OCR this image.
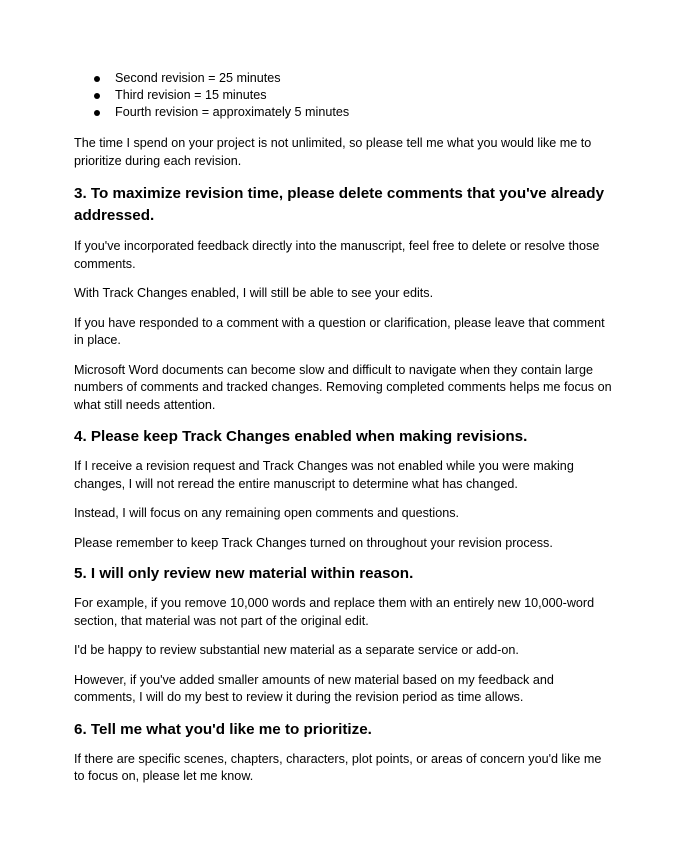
Second revision = 25 minutes
Third revision = 15 minutes
Fourth revision = approximately 5 minutes

The time I spend on your project is not unlimited, so please tell me what you would like me to prioritize during each revision.

3. To maximize revision time, please delete comments that you've already addressed.

If you've incorporated feedback directly into the manuscript, feel free to delete or resolve those comments.

With Track Changes enabled, I will still be able to see your edits.

If you have responded to a comment with a question or clarification, please leave that comment in place.

Microsoft Word documents can become slow and difficult to navigate when they contain large numbers of comments and tracked changes. Removing completed comments helps me focus on what still needs attention.

4. Please keep Track Changes enabled when making revisions.

If I receive a revision request and Track Changes was not enabled while you were making changes, I will not reread the entire manuscript to determine what has changed.

Instead, I will focus on any remaining open comments and questions.

Please remember to keep Track Changes turned on throughout your revision process.

5. I will only review new material within reason.

For example, if you remove 10,000 words and replace them with an entirely new 10,000-word section, that material was not part of the original edit.

I'd be happy to review substantial new material as a separate service or add-on.

However, if you've added smaller amounts of new material based on my feedback and comments, I will do my best to review it during the revision period as time allows.

6. Tell me what you'd like me to prioritize.

If there are specific scenes, chapters, characters, plot points, or areas of concern you'd like me to focus on, please let me know.
